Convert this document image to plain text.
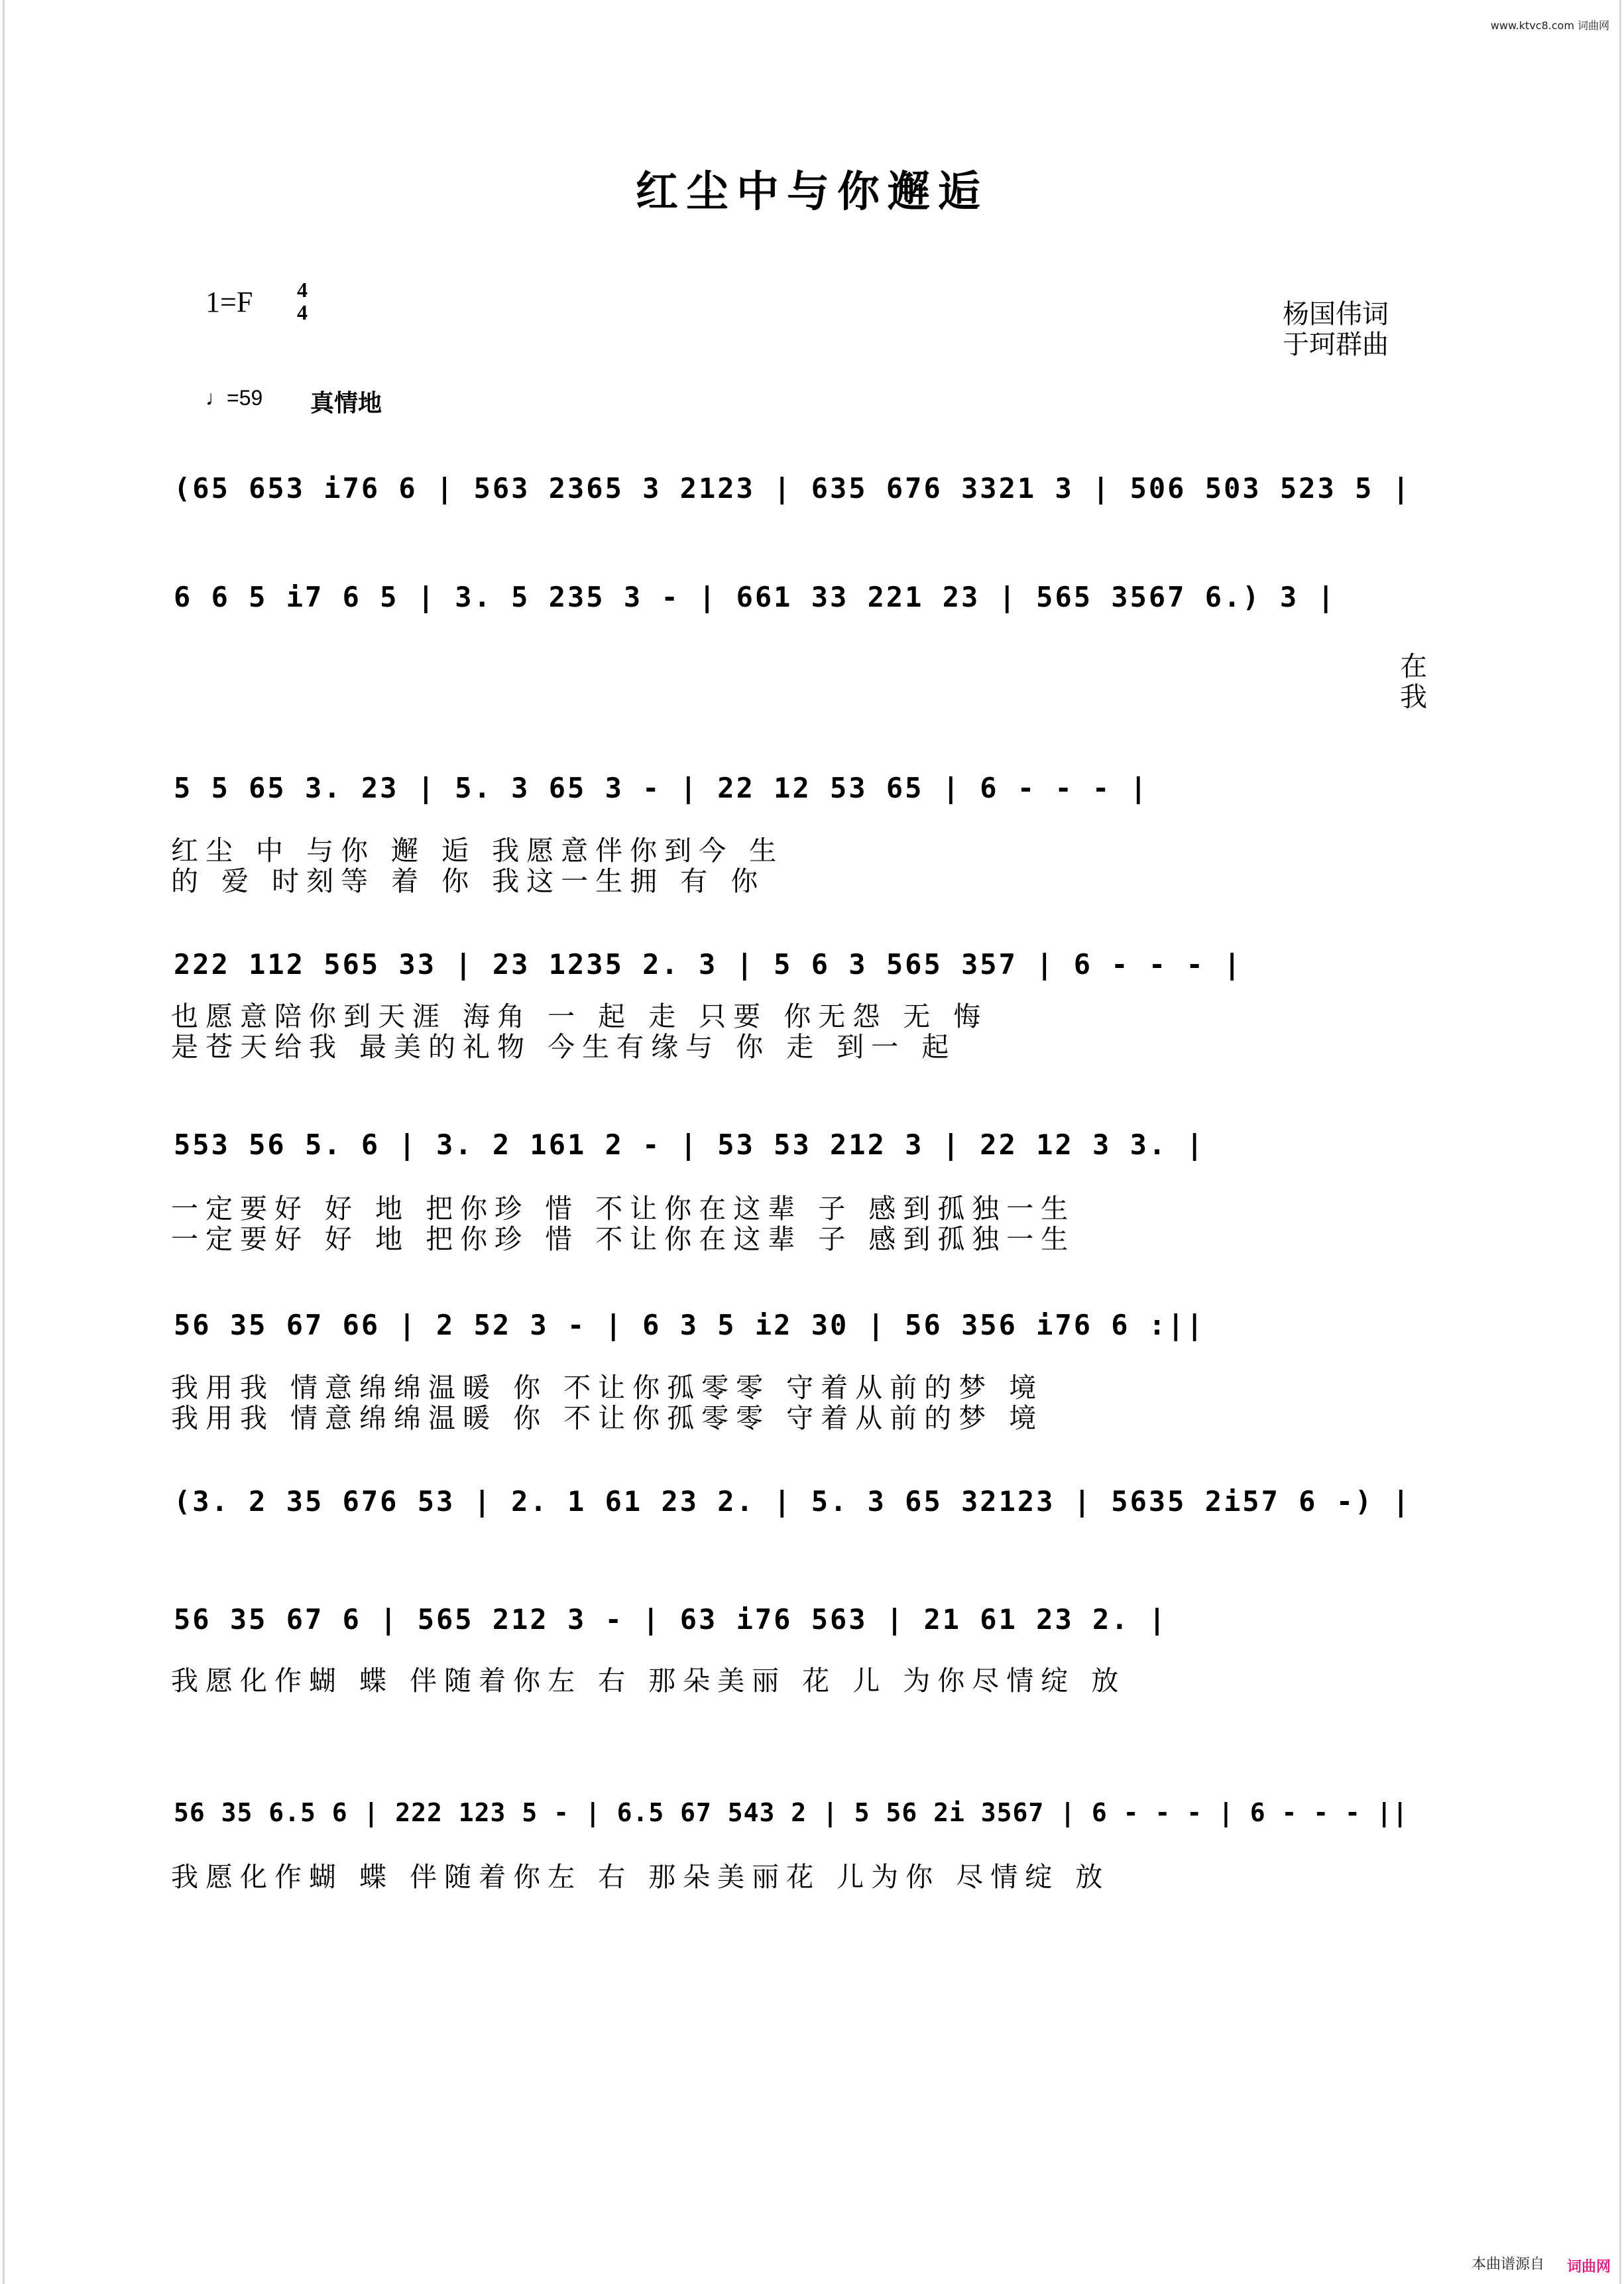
www.ktvc8.com 词曲网
红尘中与你邂逅
1=F 4
4
♩=59 真情地
杨国伟词
于珂群曲
(65 653 i76 6 | 563 2365 3 2123 | 635 676 3321 3 | 506 503 523 5 |
6 6 5 i7 6 5 | 3. 5 235 3 - | 661 33 221 23 | 565 3567 6.) 3 |
在
我
5 5 65 3. 23 | 5. 3 65 3 - | 22 12 53 65 | 6 - - - |
红尘 中 与你 邂 逅 我愿意伴你到今 生
的 爱 时刻等 着 你 我这一生拥 有 你
222 112 565 33 | 23 1235 2. 3 | 5 6 3 565 357 | 6 - - - |
也愿意陪你到天涯 海角 一 起 走 只要 你无怨 无 悔
是苍天给我 最美的礼物 今生有缘与 你 走 到一 起
553 56 5. 6 | 3. 2 161 2 - | 53 53 212 3 | 22 12 3 3. |
一定要好 好 地 把你珍 惜 不让你在这辈 子 感到孤独一生
一定要好 好 地 把你珍 惜 不让你在这辈 子 感到孤独一生
56 35 67 66 | 2 52 3 - | 6 3 5 i2 30 | 56 356 i76 6 :||
我用我 情意绵绵温暖 你 不让你孤零零 守着从前的梦 境
我用我 情意绵绵温暖 你 不让你孤零零 守着从前的梦 境
(3. 2 35 676 53 | 2. 1 61 23 2. | 5. 3 65 32123 | 5635 2i57 6 -) |
56 35 67 6 | 565 212 3 - | 63 i76 563 | 21 61 23 2. |
我愿化作蝴 蝶 伴随着你左 右 那朵美丽 花 儿 为你尽情绽 放
56 35 6.5 6 | 222 123 5 - | 6.5 67 543 2 | 5 56 2i 3567 | 6 - - - | 6 - - - ||
我愿化作蝴 蝶 伴随着你左 右 那朵美丽花 儿为你 尽情绽 放
本曲谱源自 词曲网
